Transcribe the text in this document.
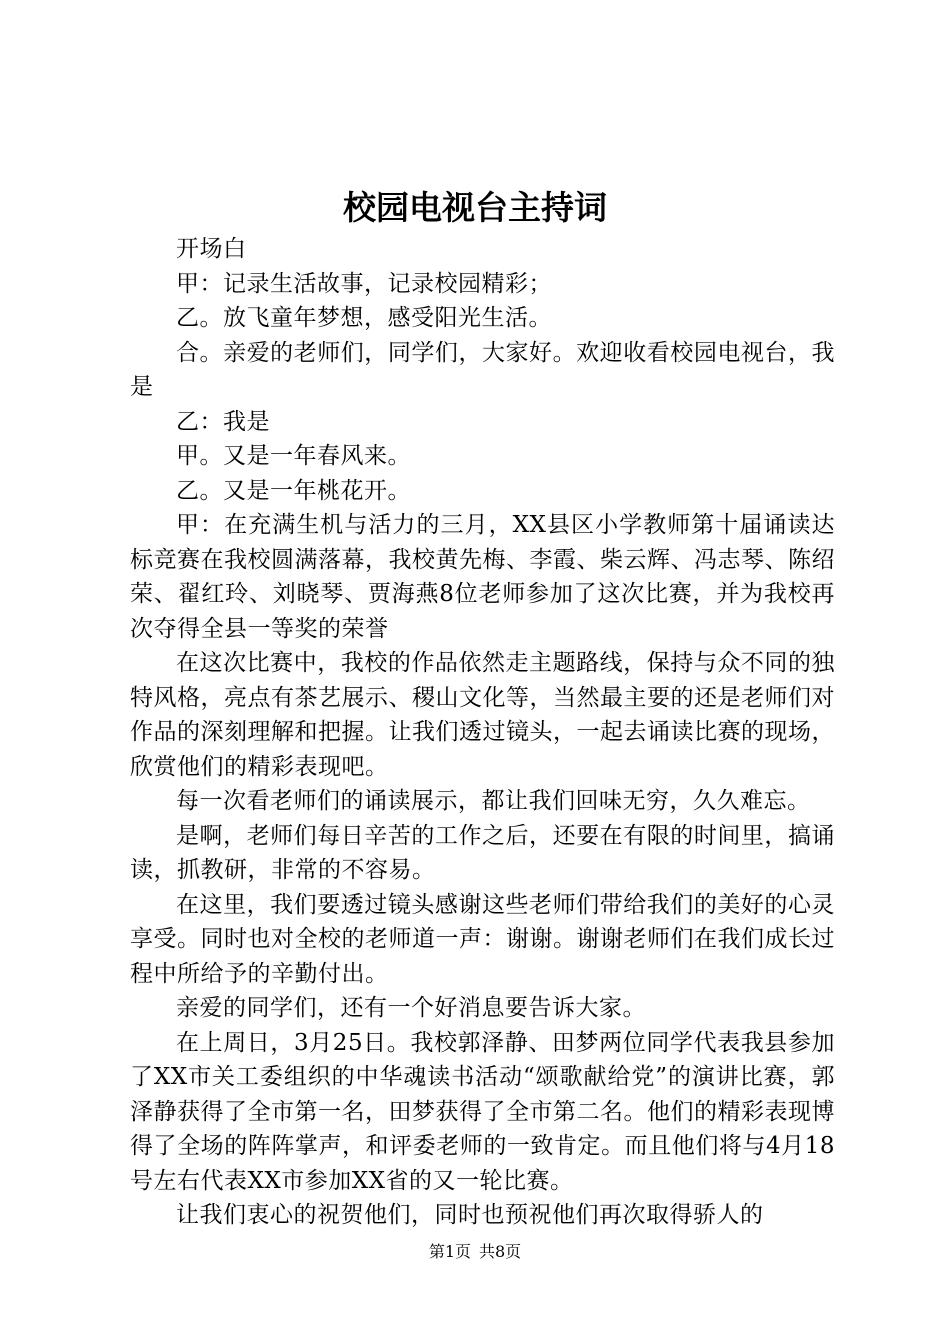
校园电视台主持词

开场白

甲：记录生活故事，记录校园精彩；

乙。放飞童年梦想，感受阳光生活。

合。亲爱的老师们，同学们，大家好。欢迎收看校园电视台，我是

乙：我是

甲。又是一年春风来。

乙。又是一年桃花开。

甲：在充满生机与活力的三月，XX县区小学教师第十届诵读达标竞赛在我校圆满落幕，我校黄先梅、李霞、柴云辉、冯志琴、陈绍荣、翟红玲、刘晓琴、贾海燕8位老师参加了这次比赛，并为我校再次夺得全县一等奖的荣誉

在这次比赛中，我校的作品依然走主题路线，保持与众不同的独特风格，亮点有茶艺展示、稷山文化等，当然最主要的还是老师们对作品的深刻理解和把握。让我们透过镜头，一起去诵读比赛的现场，欣赏他们的精彩表现吧。

每一次看老师们的诵读展示，都让我们回味无穷，久久难忘。

是啊，老师们每日辛苦的工作之后，还要在有限的时间里，搞诵读，抓教研，非常的不容易。

在这里，我们要透过镜头感谢这些老师们带给我们的美好的心灵享受。同时也对全校的老师道一声：谢谢。谢谢老师们在我们成长过程中所给予的辛勤付出。

亲爱的同学们，还有一个好消息要告诉大家。

在上周日，3月25日。我校郭泽静、田梦两位同学代表我县参加了XX市关工委组织的中华魂读书活动“颂歌献给党”的演讲比赛，郭泽静获得了全市第一名，田梦获得了全市第二名。他们的精彩表现博得了全场的阵阵掌声，和评委老师的一致肯定。而且他们将与4月18号左右代表XX市参加XX省的又一轮比赛。

让我们衷心的祝贺他们，同时也预祝他们再次取得骄人的

第1页 共8页
